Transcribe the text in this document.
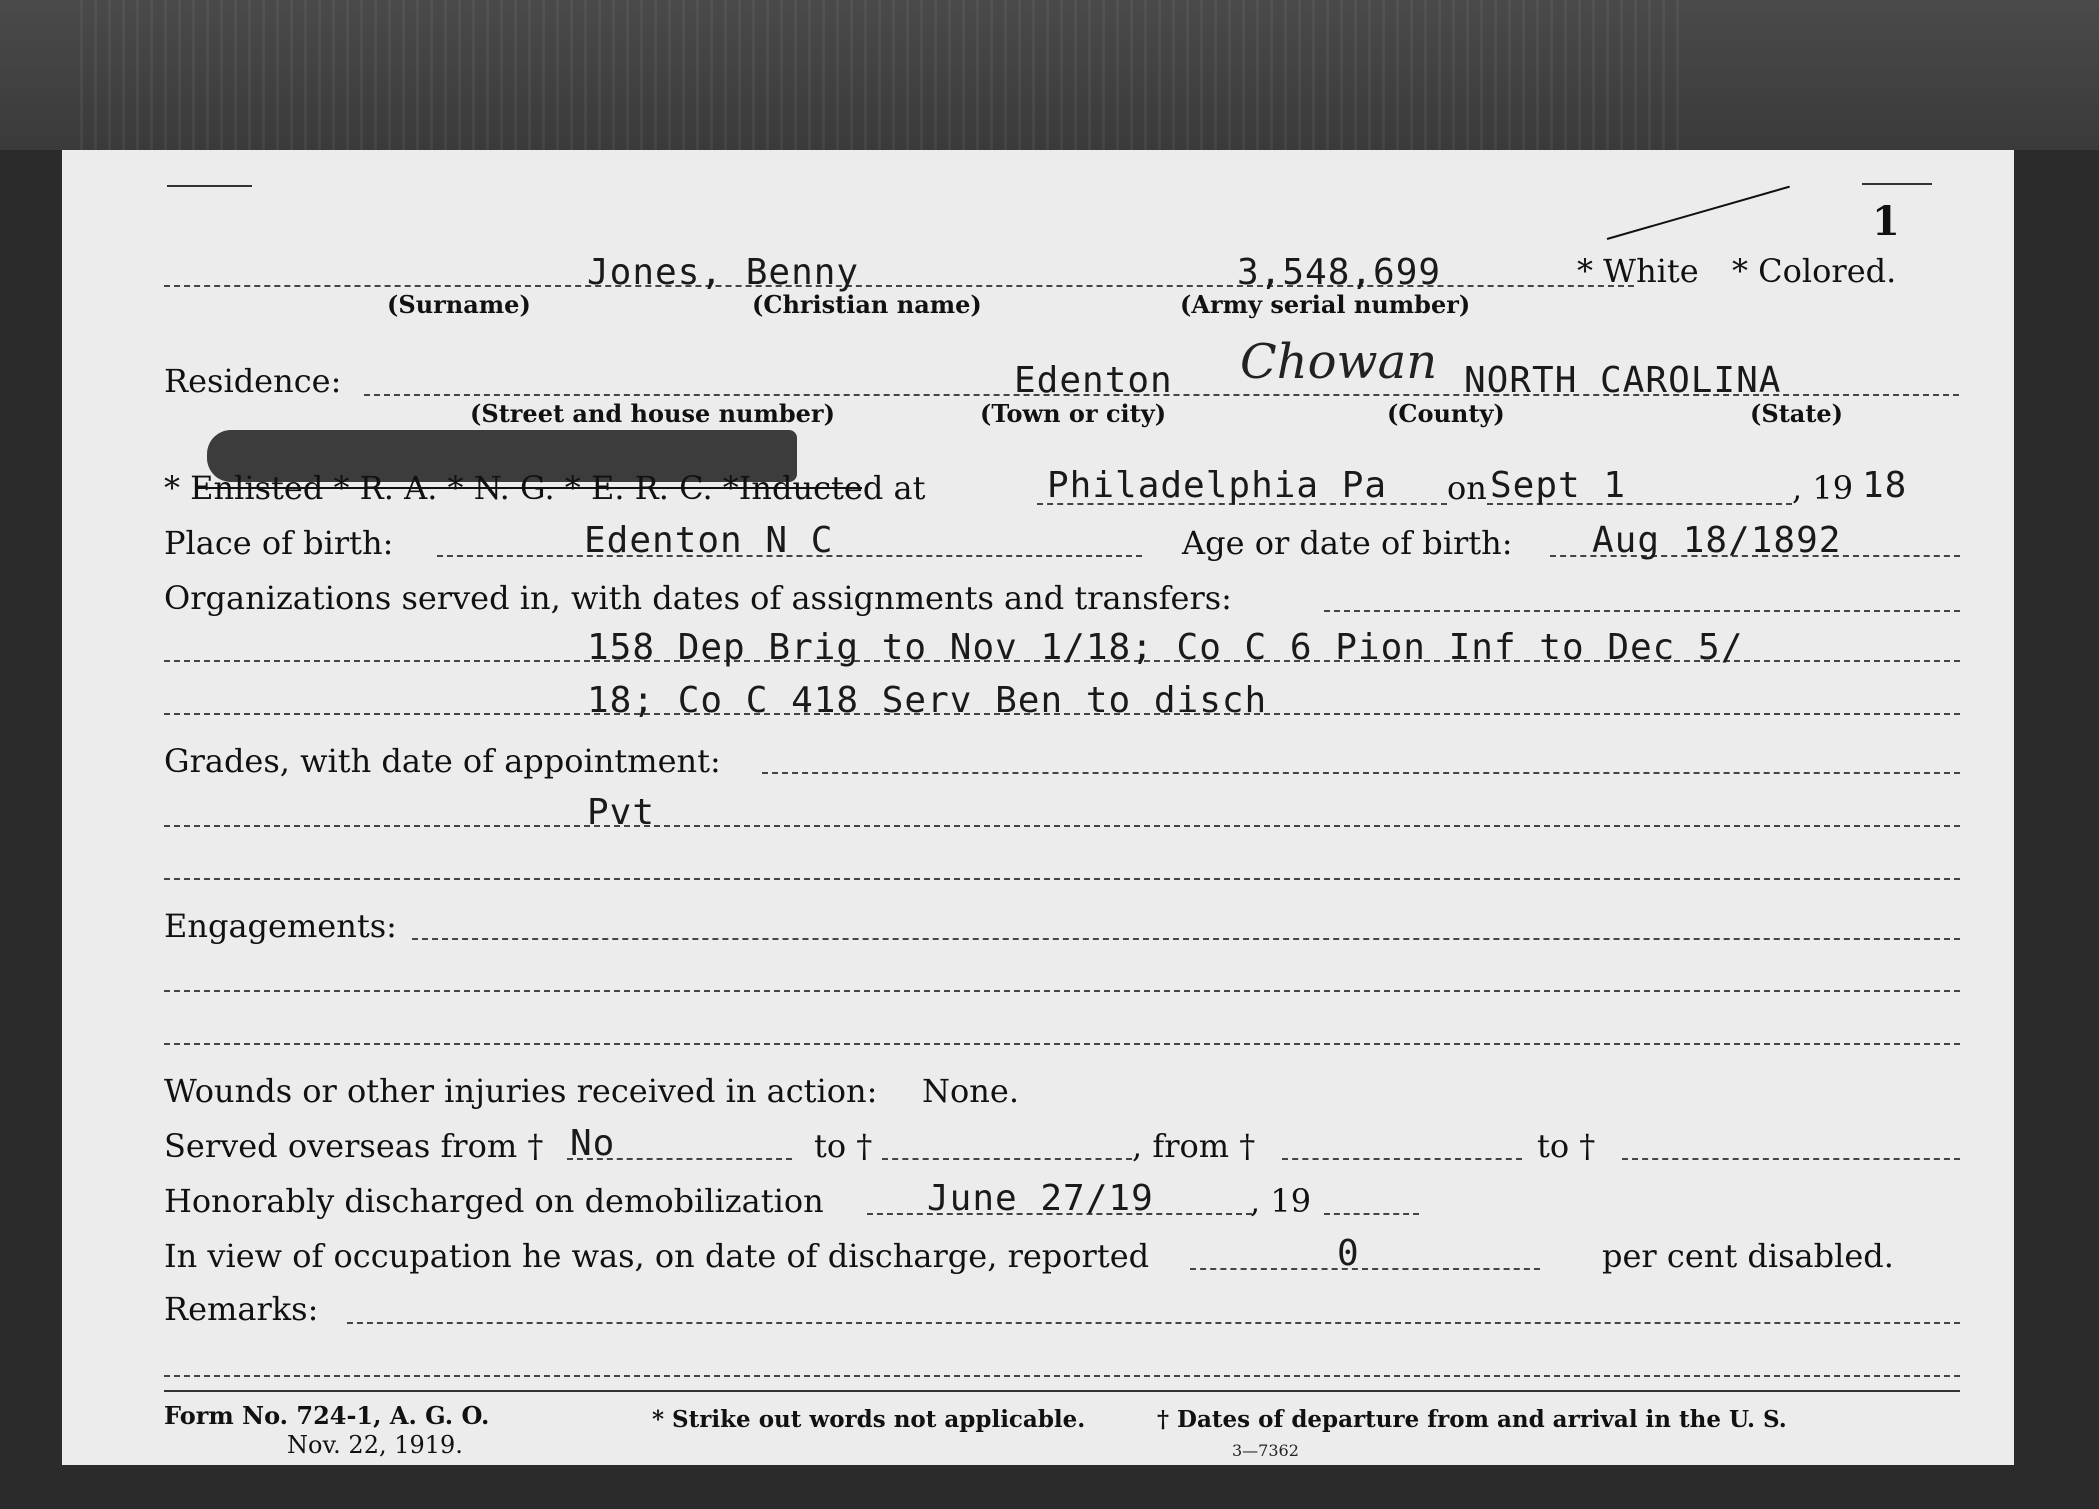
1
Jones, Benny	3,548,699	* White * Colored.
(Surname)	(Christian name)	(Army serial number)
Residence:	Edenton Chowan NORTH CAROLINA
(Street and house number)	(Town or city)	(County)	(State)
* Enlisted * R. A. * N. G. * E. R. C. *Inducted at	Philadelphia Pa on Sept 1	, 19 18
Place of birth:	Edenton N C	Age or date of birth: Aug 18/1892
Organizations served in, with dates of assignments and transfers:
158 Dep Brig to Nov 1/18; Co C 6 Pion Inf to Dec 5/
18; Co C 418 Serv Ben to disch
Grades, with date of appointment:
Pvt
Engagements:
Wounds or other injuries received in action: None.
Served overseas from † No	to †	, from †	to †
Honorably discharged on demobilization	June 27/19	, 19
In view of occupation he was, on date of discharge, reported	0	per cent disabled.
Remarks:
Form No. 724-1, A. G. O.
Nov. 22, 1919.
* Strike out words not applicable.	† Dates of departure from and arrival in the U. S.
3—7362
